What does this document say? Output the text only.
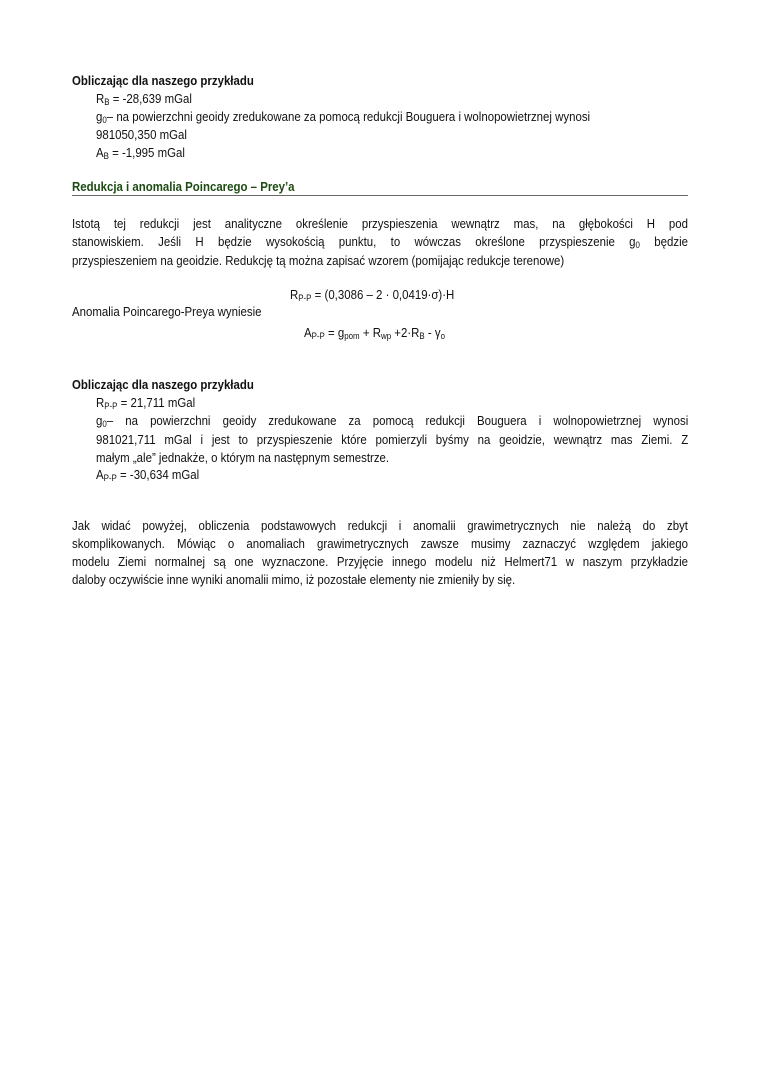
Obliczając dla naszego przykładu
RB = -28,639 mGal
g0– na powierzchni geoidy zredukowane za pomocą redukcji Bouguera i wolnopowietrznej wynosi
981050,350 mGal
AB = -1,995 mGal
Redukcja i anomalia Poincarego – Prey’a
Istotą tej redukcji jest analityczne określenie przyspieszenia wewnątrz mas, na głębokości H pod
stanowiskiem. Jeśli H będzie wysokością punktu, to wówczas określone przyspieszenie g0 będzie
przyspieszeniem na geoidzie. Redukcję tą można zapisać wzorem (pomijając redukcje terenowe)
RP-P = (0,3086 – 2 · 0,0419·σ)·H
Anomalia Poincarego-Preya wyniesie
AP-P = gpom + Rwp +2·RB - γo
Obliczając dla naszego przykładu
RP-P = 21,711 mGal
g0– na powierzchni geoidy zredukowane za pomocą redukcji Bouguera i wolnopowietrznej wynosi
981021,711 mGal i jest to przyspieszenie które pomierzyli byśmy na geoidzie, wewnątrz mas Ziemi. Z
małym „ale” jednakże, o którym na następnym semestrze.
AP-P = -30,634 mGal
Jak widać powyżej, obliczenia podstawowych redukcji i anomalii grawimetrycznych nie należą do zbyt
skomplikowanych. Mówiąc o anomaliach grawimetrycznych zawsze musimy zaznaczyć względem jakiego
modelu Ziemi normalnej są one wyznaczone. Przyjęcie innego modelu niż Helmert71 w naszym przykładzie
daloby oczywiście inne wyniki anomalii mimo, iż pozostałe elementy nie zmieniły by się.
